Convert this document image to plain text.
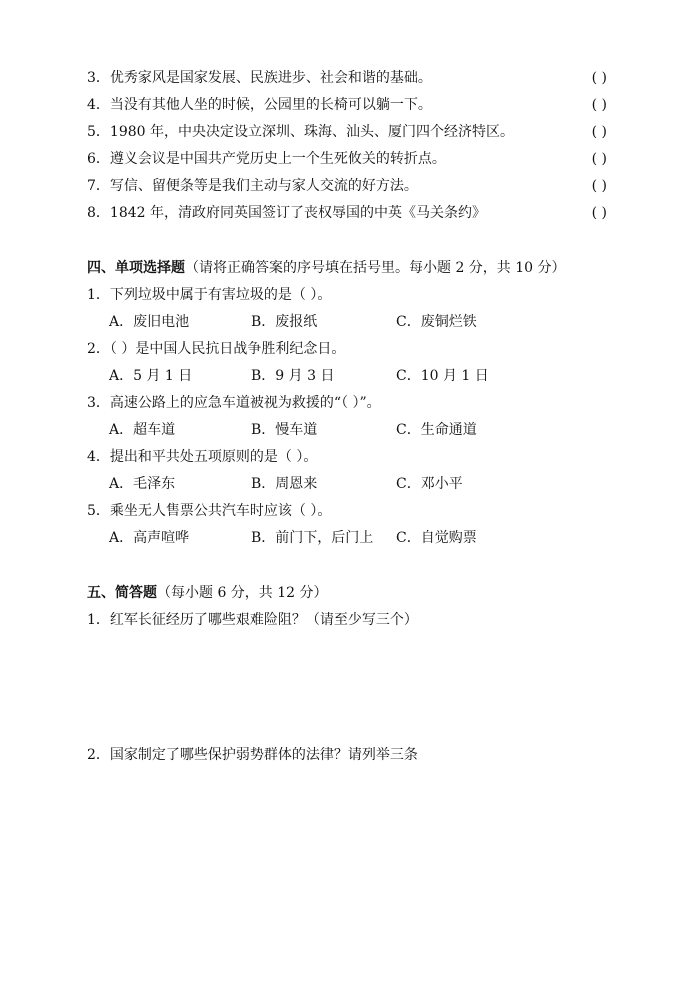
3．优秀家风是国家发展、民族进步、社会和谐的基础。	( )
4．当没有其他人坐的时候，公园里的长椅可以躺一下。	( )
5．1980 年，中央决定设立深圳、珠海、汕头、厦门四个经济特区。	( )
6．遵义会议是中国共产党历史上一个生死攸关的转折点。	( )
7．写信、留便条等是我们主动与家人交流的好方法。	( )
8．1842 年，清政府同英国签订了丧权辱国的中英《马关条约》	( )
四、单项选择题（请将正确答案的序号填在括号里。每小题 2 分，共 10 分）
1．下列垃圾中属于有害垃圾的是（ ）。
A．废旧电池	B．废报纸	C．废铜烂铁
2．（ ）是中国人民抗日战争胜利纪念日。
A．5 月 1 日	B．9 月 3 日	C．10 月 1 日
3．高速公路上的应急车道被视为救援的“（ ）”。
A．超车道	B．慢车道	C．生命通道
4．提出和平共处五项原则的是（ ）。
A．毛泽东	B．周恩来	C．邓小平
5．乘坐无人售票公共汽车时应该（ ）。
A．高声喧哗	B．前门下，后门上 C．自觉购票
五、简答题（每小题 6 分，共 12 分）
1．红军长征经历了哪些艰难险阻？（请至少写三个）
2．国家制定了哪些保护弱势群体的法律？请列举三条
